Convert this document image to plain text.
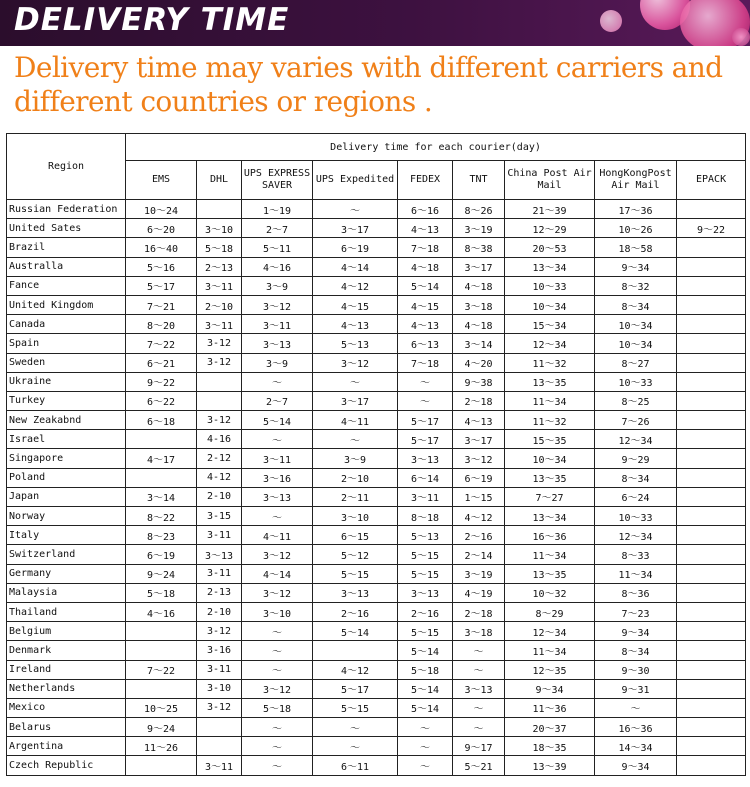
DELIVERY TIME
Delivery time may varies with different carriers and different countries or regions .
Region	Delivery time for each courier(day)								
	EMS	DHL	UPS EXPRESS SAVER	UPS Expedited	FEDEX	TNT	China Post Air Mail	HongKongPost Air Mail	EPACK
Russian Federation	10～24		1～19	～	6～16	8～26	21～39	17～36	
United Sates	6～20	3～10	2～7	3～17	4～13	3～19	12～29	10～26	9～22
Brazil	16～40	5～18	5～11	6～19	7～18	8～38	20～53	18～58	
Australla	5～16	2～13	4～16	4～14	4～18	3～17	13～34	9～34	
Fance	5～17	3～11	3～9	4～12	5～14	4～18	10～33	8～32	
United Kingdom	7～21	2～10	3～12	4～15	4～15	3～18	10～34	8～34	
Canada	8～20	3～11	3～11	4～13	4～13	4～18	15～34	10～34	
Spain	7～22	3-12	3～13	5～13	6～13	3～14	12～34	10～34	
Sweden	6～21	3-12	3～9	3～12	7～18	4～20	11～32	8～27	
Ukraine	9～22		～	～	～	9～38	13～35	10～33	
Turkey	6～22		2～7	3～17	～	2～18	11～34	8～25	
New Zeakabnd	6～18	3-12	5～14	4～11	5～17	4～13	11～32	7～26	
Israel		4-16	～	～	5～17	3～17	15～35	12～34	
Singapore	4～17	2-12	3～11	3～9	3～13	3～12	10～34	9～29	
Poland		4-12	3～16	2～10	6～14	6～19	13～35	8～34	
Japan	3～14	2-10	3～13	2～11	3～11	1～15	7～27	6～24	
Norway	8～22	3-15	～	3～10	8～18	4～12	13～34	10～33	
Italy	8～23	3-11	4～11	6～15	5～13	2～16	16～36	12～34	
Switzerland	6～19	3～13	3～12	5～12	5～15	2～14	11～34	8～33	
Germany	9～24	3-11	4～14	5～15	5～15	3～19	13～35	11～34	
Malaysia	5～18	2-13	3～12	3～13	3～13	4～19	10～32	8～36	
Thailand	4～16	2-10	3～10	2～16	2～16	2～18	8～29	7～23	
Belgium		3-12	～	5～14	5～15	3～18	12～34	9～34	
Denmark		3-16	～		5～14	～	11～34	8～34	
Ireland	7～22	3-11	～	4～12	5～18	～	12～35	9～30	
Netherlands		3-10	3～12	5～17	5～14	3～13	9～34	9～31	
Mexico	10～25	3-12	5～18	5～15	5～14	～	11～36	～	
Belarus	9～24		～	～	～	～	20～37	16～36	
Argentina	11～26		～	～	～	9～17	18～35	14～34	
Czech Republic		3～11	～	6～11	～	5～21	13～39	9～34	
